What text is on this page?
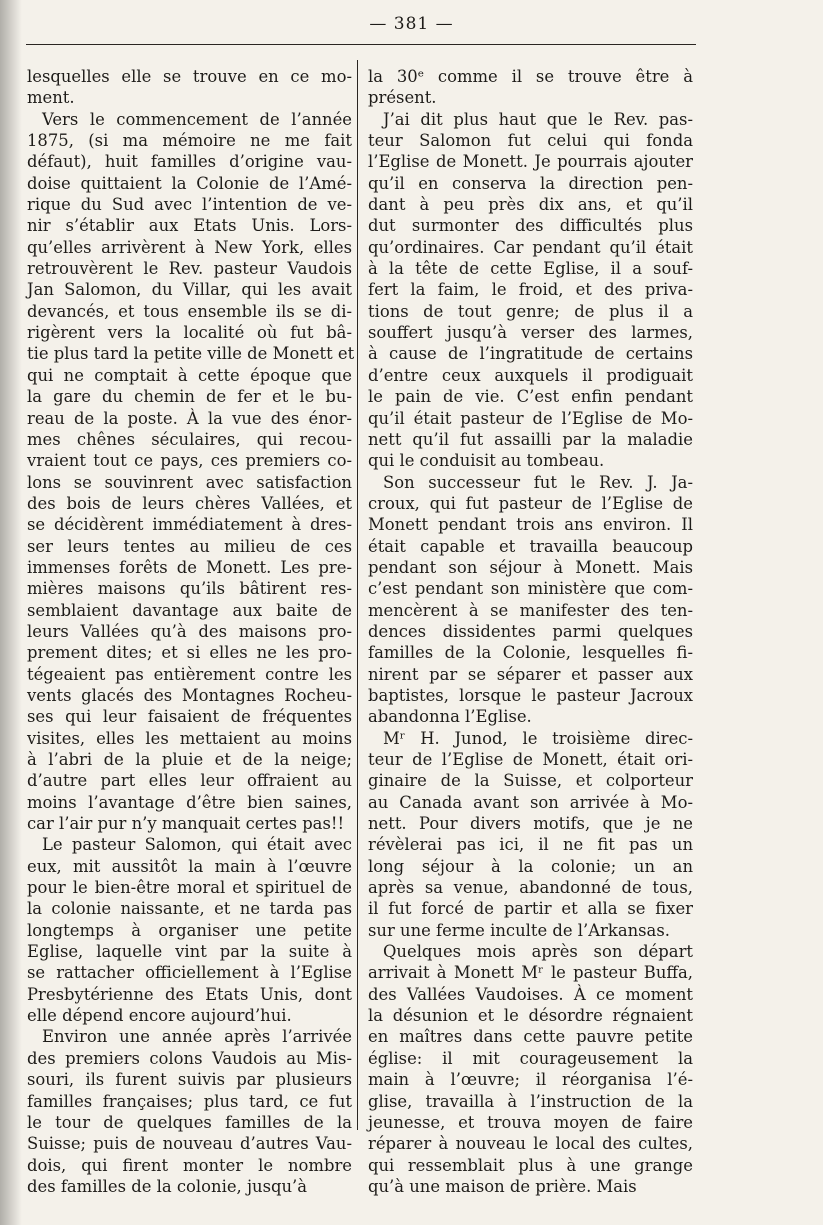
— 381 —

lesquelles elle se trouve en ce mo-
ment.

Vers le commencement de l’année
1875, (si ma mémoire ne me fait
défaut), huit familles d’origine vau-
doise quittaient la Colonie de l’Amé-
rique du Sud avec l’intention de ve-
nir s’établir aux Etats Unis. Lors-
qu’elles arrivèrent à New York, elles
retrouvèrent le Rev. pasteur Vaudois
Jan Salomon, du Villar, qui les avait
devancés, et tous ensemble ils se di-
rigèrent vers la localité où fut bâ-
tie plus tard la petite ville de Monett et
qui ne comptait à cette époque que
la gare du chemin de fer et le bu-
reau de la poste. À la vue des énor-
mes chênes séculaires, qui recou-
vraient tout ce pays, ces premiers co-
lons se souvinrent avec satisfaction
des bois de leurs chères Vallées, et
se décidèrent immédiatement à dres-
ser leurs tentes au milieu de ces
immenses forêts de Monett. Les pre-
mières maisons qu’ils bâtirent res-
semblaient davantage aux baite de
leurs Vallées qu’à des maisons pro-
prement dites; et si elles ne les pro-
tégeaient pas entièrement contre les
vents glacés des Montagnes Rocheu-
ses qui leur faisaient de fréquentes
visites, elles les mettaient au moins
à l’abri de la pluie et de la neige;
d’autre part elles leur offraient au
moins l’avantage d’être bien saines,
car l’air pur n’y manquait certes pas!!

Le pasteur Salomon, qui était avec
eux, mit aussitôt la main à l’œuvre
pour le bien-être moral et spirituel de
la colonie naissante, et ne tarda pas
longtemps à organiser une petite
Eglise, laquelle vint par la suite à
se rattacher officiellement à l’Eglise
Presbytérienne des Etats Unis, dont
elle dépend encore aujourd’hui.

Environ une année après l’arrivée
des premiers colons Vaudois au Mis-
souri, ils furent suivis par plusieurs
familles françaises; plus tard, ce fut
le tour de quelques familles de la
Suisse; puis de nouveau d’autres Vau-
dois, qui firent monter le nombre
des familles de la colonie, jusqu’à

la 30ᵉ comme il se trouve être à
présent.

J’ai dit plus haut que le Rev. pas-
teur Salomon fut celui qui fonda
l’Eglise de Monett. Je pourrais ajouter
qu’il en conserva la direction pen-
dant à peu près dix ans, et qu’il
dut surmonter des difficultés plus
qu’ordinaires. Car pendant qu’il était
à la tête de cette Eglise, il a souf-
fert la faim, le froid, et des priva-
tions de tout genre; de plus il a
souffert jusqu’à verser des larmes,
à cause de l’ingratitude de certains
d’entre ceux auxquels il prodiguait
le pain de vie. C’est enfin pendant
qu’il était pasteur de l’Eglise de Mo-
nett qu’il fut assailli par la maladie
qui le conduisit au tombeau.

Son successeur fut le Rev. J. Ja-
croux, qui fut pasteur de l’Eglise de
Monett pendant trois ans environ. Il
était capable et travailla beaucoup
pendant son séjour à Monett. Mais
c’est pendant son ministère que com-
mencèrent à se manifester des ten-
dences dissidentes parmi quelques
familles de la Colonie, lesquelles fi-
nirent par se séparer et passer aux
baptistes, lorsque le pasteur Jacroux
abandonna l’Eglise.

Mʳ H. Junod, le troisième direc-
teur de l’Eglise de Monett, était ori-
ginaire de la Suisse, et colporteur
au Canada avant son arrivée à Mo-
nett. Pour divers motifs, que je ne
révèlerai pas ici, il ne fit pas un
long séjour à la colonie; un an
après sa venue, abandonné de tous,
il fut forcé de partir et alla se fixer
sur une ferme inculte de l’Arkansas.

Quelques mois après son départ
arrivait à Monett Mʳ le pasteur Buffa,
des Vallées Vaudoises. À ce moment
la désunion et le désordre régnaient
en maîtres dans cette pauvre petite
église: il mit courageusement la
main à l’œuvre; il réorganisa l’é-
glise, travailla à l’instruction de la
jeunesse, et trouva moyen de faire
réparer à nouveau le local des cultes,
qui ressemblait plus à une grange
qu’à une maison de prière. Mais
